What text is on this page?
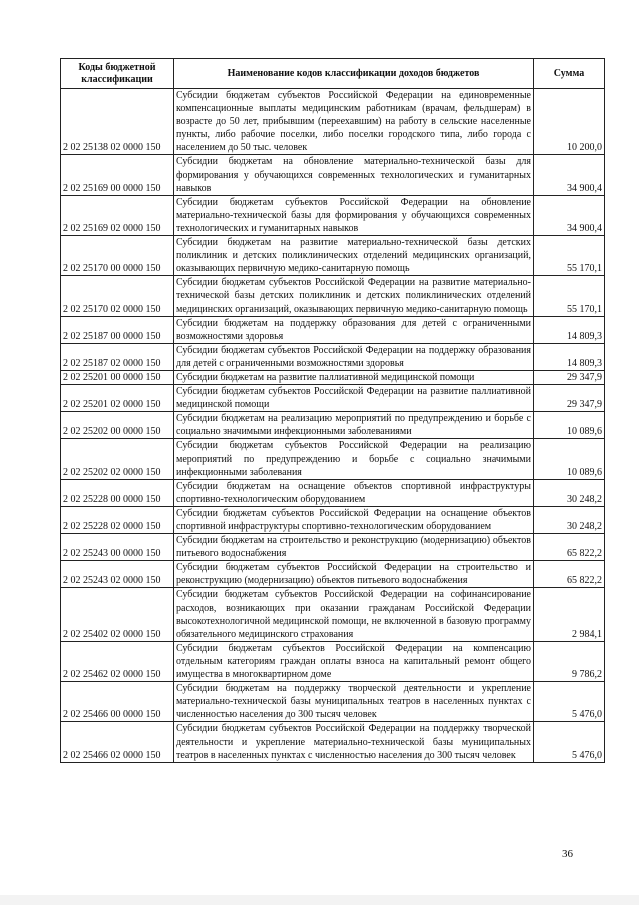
Коды бюджетной классификации	Наименование кодов классификации доходов бюджетов	Сумма
2 02 25138 02 0000 150	Субсидии бюджетам субъектов Российской Федерации на единовременные компенсационные выплаты медицинским работникам (врачам, фельдшерам) в возрасте до 50 лет, прибывшим (переехавшим) на работу в сельские населенные пункты, либо рабочие поселки, либо поселки городского типа, либо города с населением до 50 тыс. человек	10 200,0
2 02 25169 00 0000 150	Субсидии бюджетам на обновление материально-технической базы для формирования у обучающихся современных технологических и гуманитарных навыков	34 900,4
2 02 25169 02 0000 150	Субсидии бюджетам субъектов Российской Федерации на обновление материально-технической базы для формирования у обучающихся современных технологических и гуманитарных навыков	34 900,4
2 02 25170 00 0000 150	Субсидии бюджетам на развитие материально-технической базы детских поликлиник и детских поликлинических отделений медицинских организаций, оказывающих первичную медико-санитарную помощь	55 170,1
2 02 25170 02 0000 150	Субсидии бюджетам субъектов Российской Федерации на развитие материально-технической базы детских поликлиник и детских поликлинических отделений медицинских организаций, оказывающих первичную медико-санитарную помощь	55 170,1
2 02 25187 00 0000 150	Субсидии бюджетам на поддержку образования для детей с ограниченными возможностями здоровья	14 809,3
2 02 25187 02 0000 150	Субсидии бюджетам субъектов Российской Федерации на поддержку образования для детей с ограниченными возможностями здоровья	14 809,3
2 02 25201 00 0000 150	Субсидии бюджетам на развитие паллиативной медицинской помощи	29 347,9
2 02 25201 02 0000 150	Субсидии бюджетам субъектов Российской Федерации на развитие паллиативной медицинской помощи	29 347,9
2 02 25202 00 0000 150	Субсидии бюджетам на реализацию мероприятий по предупреждению и борьбе с социально значимыми инфекционными заболеваниями	10 089,6
2 02 25202 02 0000 150	Субсидии бюджетам субъектов Российской Федерации на реализацию мероприятий по предупреждению и борьбе с социально значимыми инфекционными заболевания	10 089,6
2 02 25228 00 0000 150	Субсидии бюджетам на оснащение объектов спортивной инфраструктуры спортивно-технологическим оборудованием	30 248,2
2 02 25228 02 0000 150	Субсидии бюджетам субъектов Российской Федерации на оснащение объектов спортивной инфраструктуры спортивно-технологическим оборудованием	30 248,2
2 02 25243 00 0000 150	Субсидии бюджетам на строительство и реконструкцию (модернизацию) объектов питьевого водоснабжения	65 822,2
2 02 25243 02 0000 150	Субсидии бюджетам субъектов Российской Федерации на строительство и реконструкцию (модернизацию) объектов питьевого водоснабжения	65 822,2
2 02 25402 02 0000 150	Субсидии бюджетам субъектов Российской Федерации на софинансирование расходов, возникающих при оказании гражданам Российской Федерации высокотехнологичной медицинской помощи, не включенной в базовую программу обязательного медицинского страхования	2 984,1
2 02 25462 02 0000 150	Субсидии бюджетам субъектов Российской Федерации на компенсацию отдельным категориям граждан оплаты взноса на капитальный ремонт общего имущества в многоквартирном доме	9 786,2
2 02 25466 00 0000 150	Субсидии бюджетам на поддержку творческой деятельности и укрепление материально-технической базы муниципальных театров в населенных пунктах с численностью населения до 300 тысяч человек	5 476,0
2 02 25466 02 0000 150	Субсидии бюджетам субъектов Российской Федерации на поддержку творческой деятельности и укрепление материально-технической базы муниципальных театров в населенных пунктах с численностью населения до 300 тысяч человек	5 476,0
36
